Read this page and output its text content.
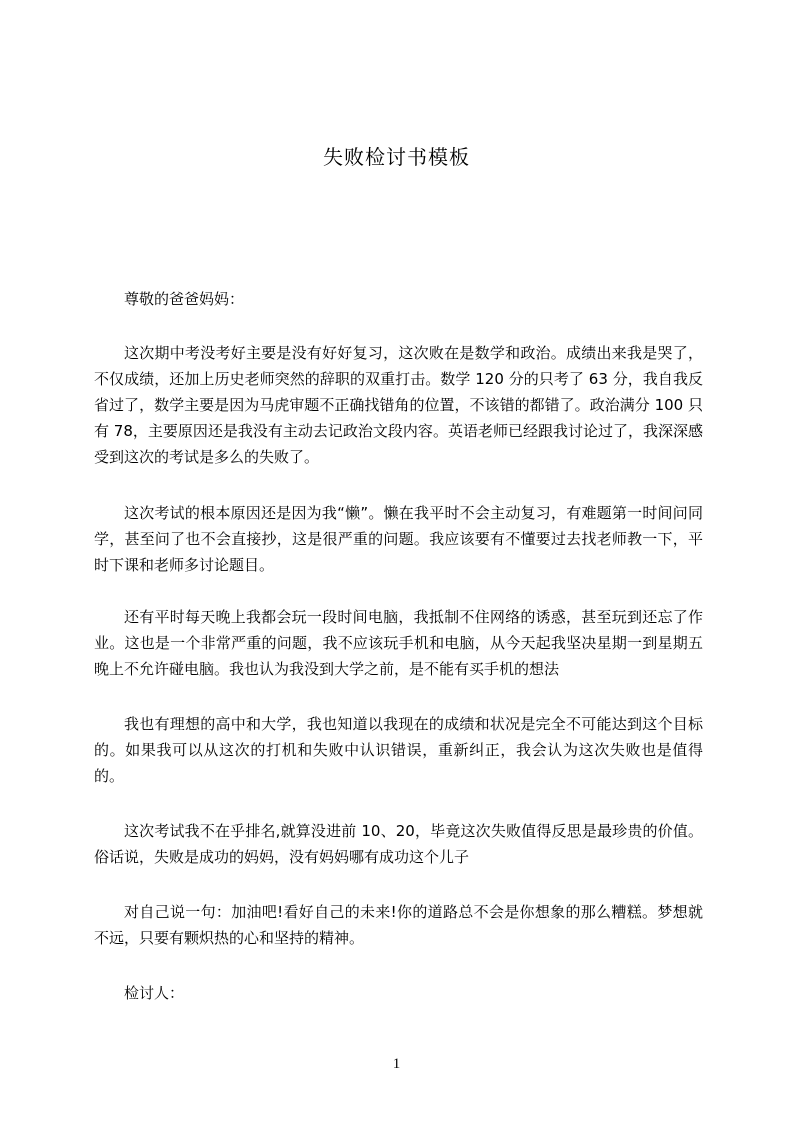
失败检讨书模板

尊敬的爸爸妈妈：

这次期中考没考好主要是没有好好复习，这次败在是数学和政治。成绩出来我是哭了，不仅成绩，还加上历史老师突然的辞职的双重打击。数学 120 分的只考了 63 分，我自我反省过了，数学主要是因为马虎审题不正确找错角的位置，不该错的都错了。政治满分 100 只有 78，主要原因还是我没有主动去记政治文段内容。英语老师已经跟我讨论过了，我深深感受到这次的考试是多么的失败了。

这次考试的根本原因还是因为我“懒”。懒在我平时不会主动复习，有难题第一时间问同学，甚至问了也不会直接抄，这是很严重的问题。我应该要有不懂要过去找老师教一下，平时下课和老师多讨论题目。

还有平时每天晚上我都会玩一段时间电脑，我抵制不住网络的诱惑，甚至玩到还忘了作业。这也是一个非常严重的问题，我不应该玩手机和电脑，从今天起我坚决星期一到星期五晚上不允许碰电脑。我也认为我没到大学之前，是不能有买手机的想法

我也有理想的高中和大学，我也知道以我现在的成绩和状况是完全不可能达到这个目标的。如果我可以从这次的打机和失败中认识错误，重新纠正，我会认为这次失败也是值得的。

这次考试我不在乎排名,就算没进前 10、20，毕竟这次失败值得反思是最珍贵的价值。俗话说，失败是成功的妈妈，没有妈妈哪有成功这个儿子

对自己说一句：加油吧!看好自己的未来!你的道路总不会是你想象的那么糟糕。梦想就不远，只要有颗炽热的心和坚持的精神。

检讨人：

1
